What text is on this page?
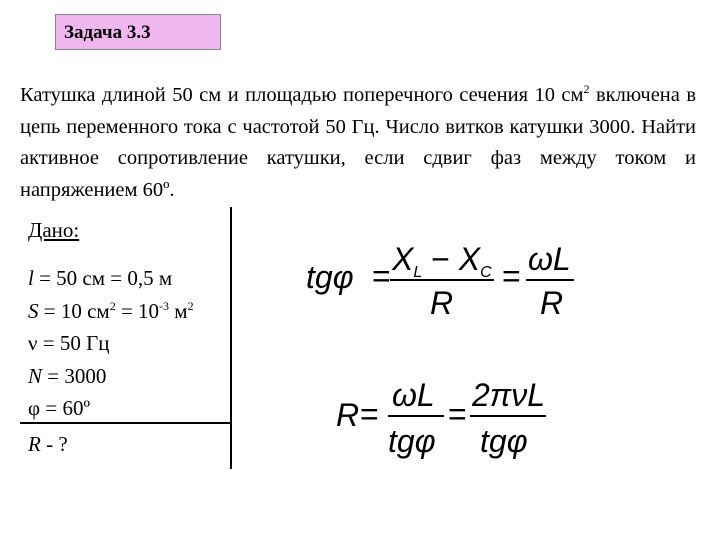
Задача 3.3
Катушка длиной 50 см и площадью поперечного сечения 10 $см^2$ включена в цепь переменного тока с частотой 50 Гц. Число витков катушки 3000. Найти активное сопротивление катушки, если сдвиг фаз между током и напряжением 60º.
Дано:
l = 50 см = 0,5 м
S = 10 $см^2 = 10^{-3}$ $м^2$
ν = 50 Гц
N = 3000
φ = 60º
R - ?
$tg\varphi = X_L - X_C$
R
= ωL
R
R =
ωL
tgφ
=
2πνL
tgφ
